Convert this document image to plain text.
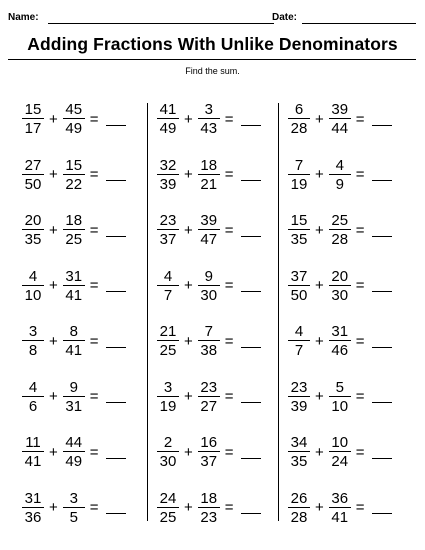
Name:	Date:
Adding Fractions With Unlike Denominators
Find the sum.
$\frac{15}{17} + \frac{45}{49}$ =
$\frac{27}{50} + \frac{15}{22}$ =
$\frac{20}{35} + \frac{18}{25}$ =
$\frac{4}{10} + \frac{31}{41}$ =
$\frac{3}{8} + \frac{8}{41}$ =
$\frac{4}{6} + \frac{9}{31}$ =
$\frac{11}{41} + \frac{44}{49}$ =
$\frac{31}{36} + \frac{3}{5}$ =
$\frac{41}{49} + \frac{3}{43}$ =
$\frac{32}{39} + \frac{18}{21}$ =
$\frac{23}{37} + \frac{39}{47}$ =
$\frac{4}{7} + \frac{9}{30}$ =
$\frac{21}{25} + \frac{7}{38}$ =
$\frac{3}{19} + \frac{23}{27}$ =
$\frac{2}{30} + \frac{16}{37}$ =
$\frac{24}{25} + \frac{18}{23}$ =
$\frac{6}{28} + \frac{39}{44}$ =
$\frac{7}{19} + \frac{4}{9}$ =
$\frac{15}{35} + \frac{25}{28}$ =
$\frac{37}{50} + \frac{20}{30}$ =
$\frac{4}{7} + \frac{31}{46}$ =
$\frac{23}{39} + \frac{5}{10}$ =
$\frac{34}{35} + \frac{10}{24}$ =
$\frac{26}{28} + \frac{36}{41}$ =
